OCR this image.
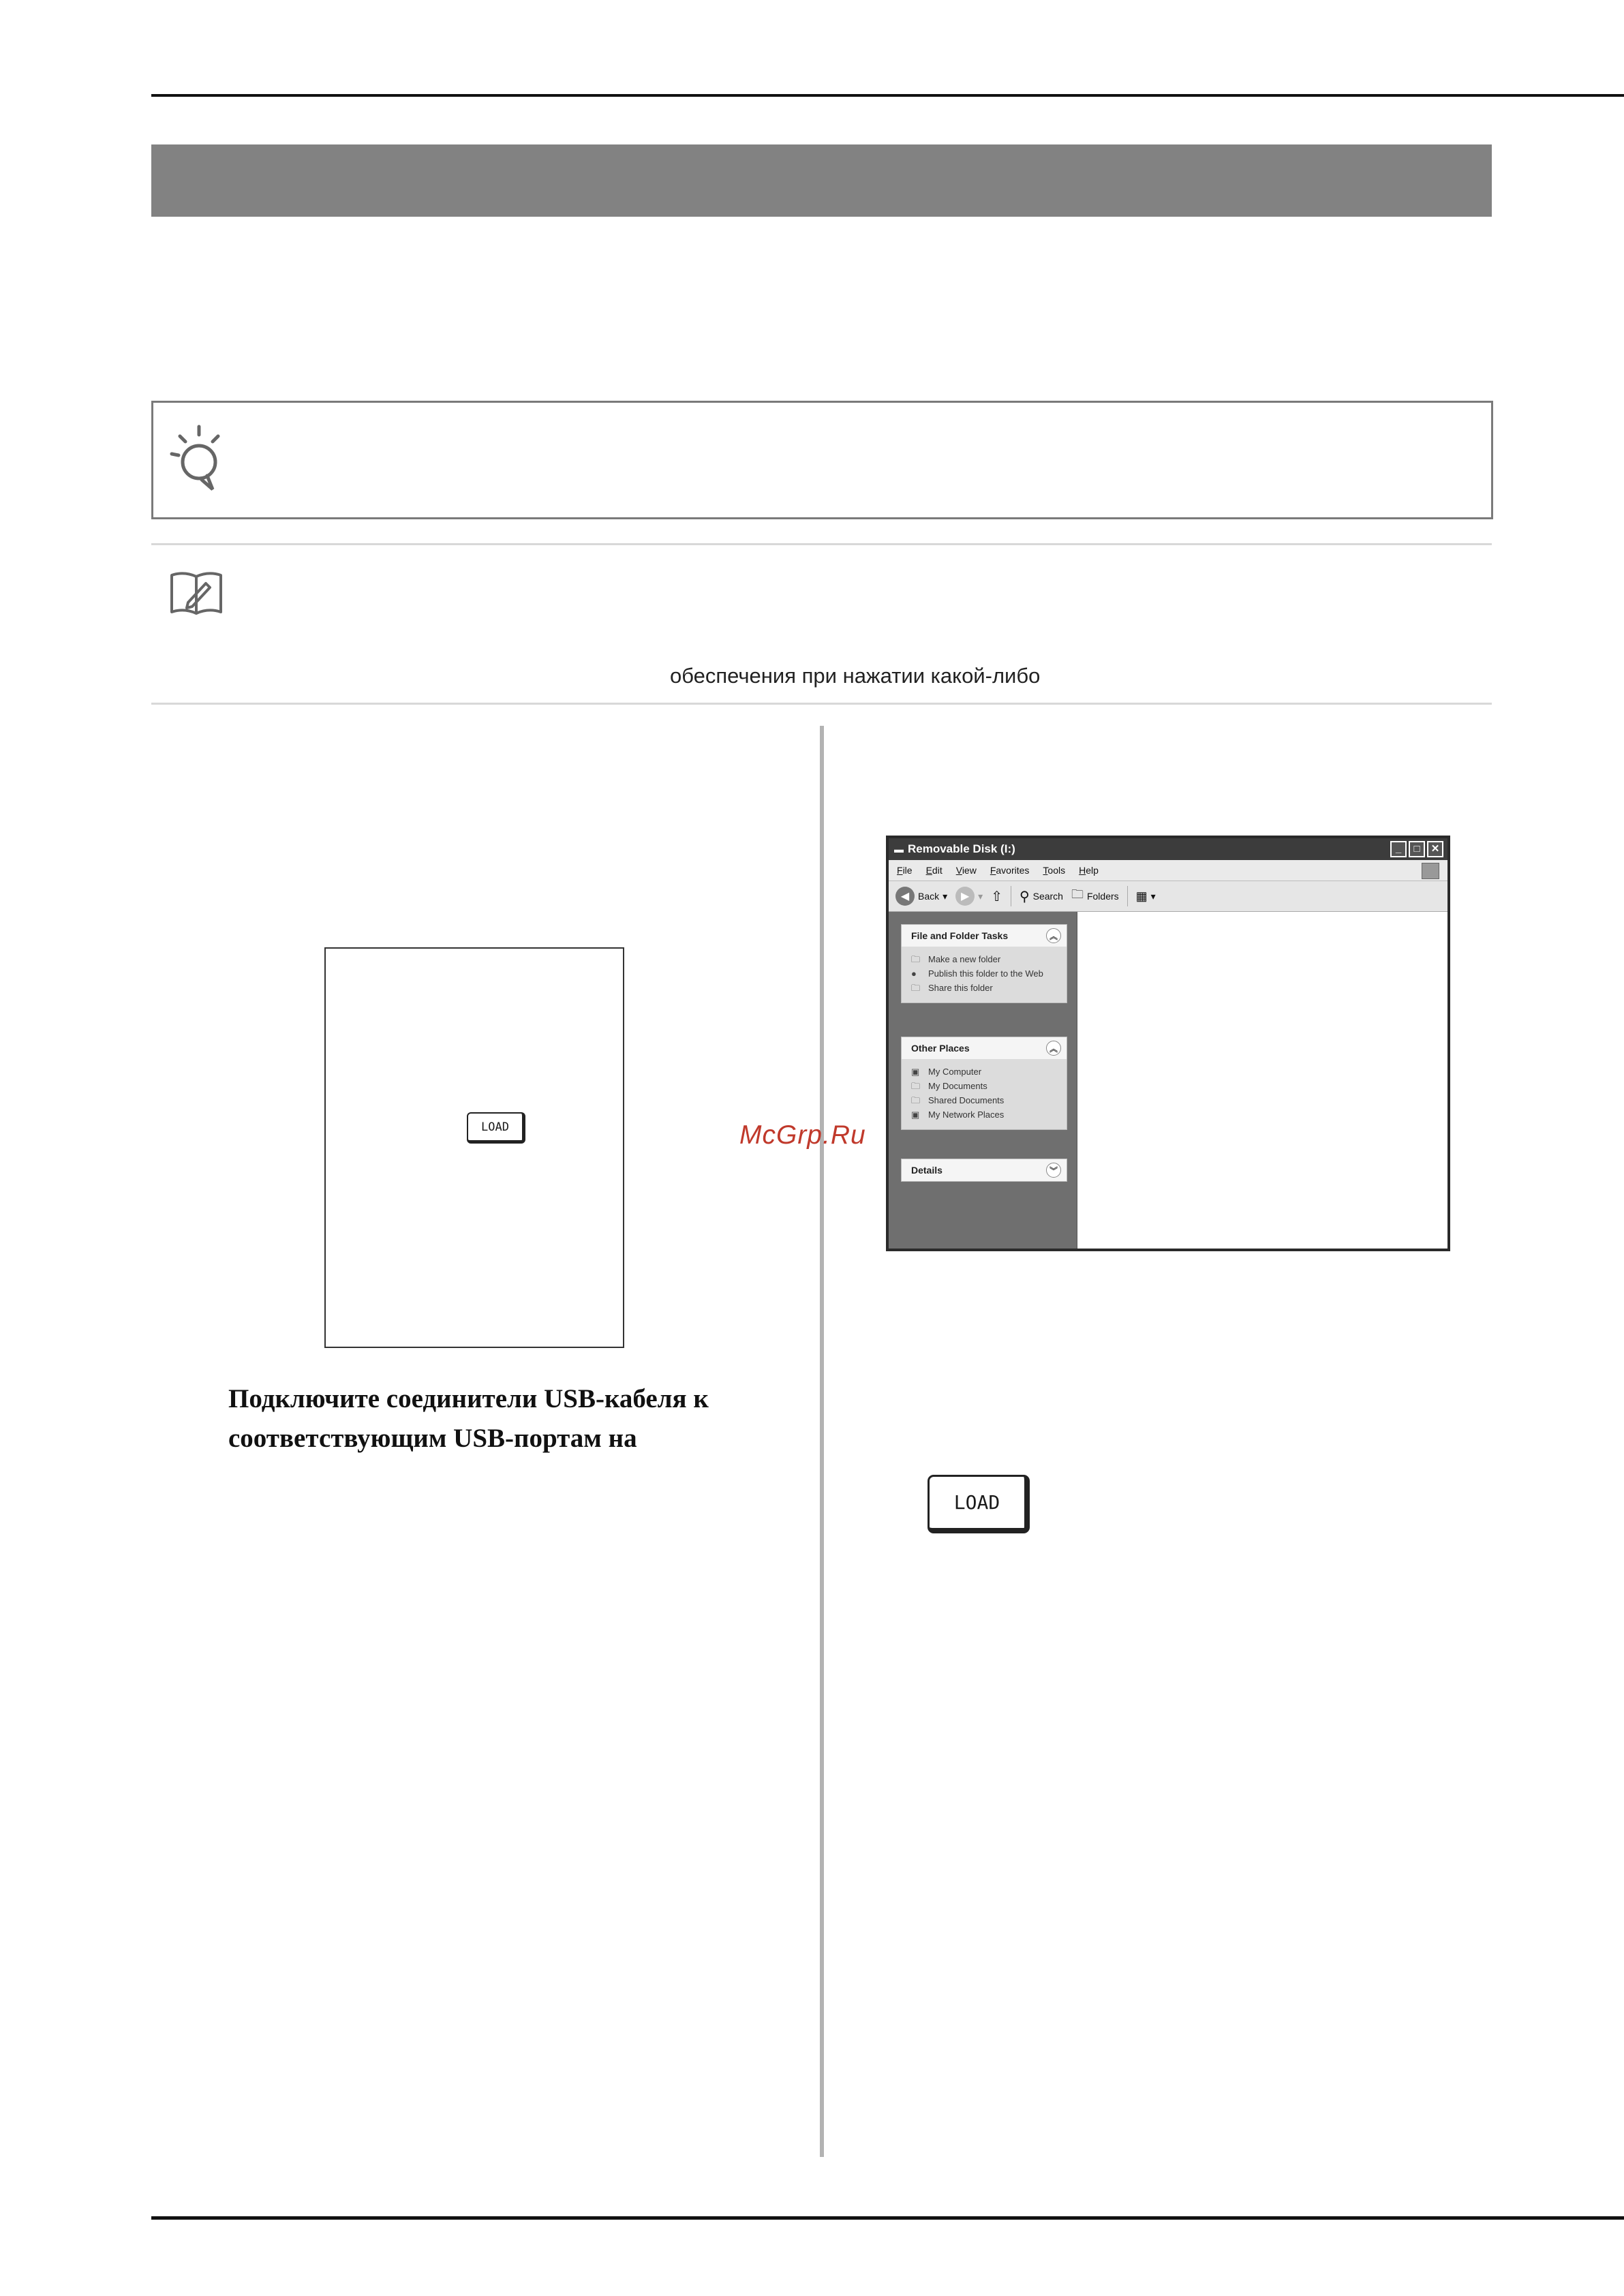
обеспечения при нажатии какой-либо
LOAD
Подключите соединители USB-кабеля к
соответствующим USB-портам на
McGrp.Ru
▬ Removable Disk (I:)	_	□	✕
File Edit View Favorites Tools Help
◀ Back ▾	▶ ▾ ⇧ ⚲ Search 🗀 Folders ▦ ▾
File and Folder Tasks	︽
🗀 Make a new folder
●	Publish this folder to the Web
🗀 Share this folder
Other Places	︽
▣ My Computer
🗀 My Documents
🗀 Shared Documents
▣ My Network Places
Details	︾
LOAD
